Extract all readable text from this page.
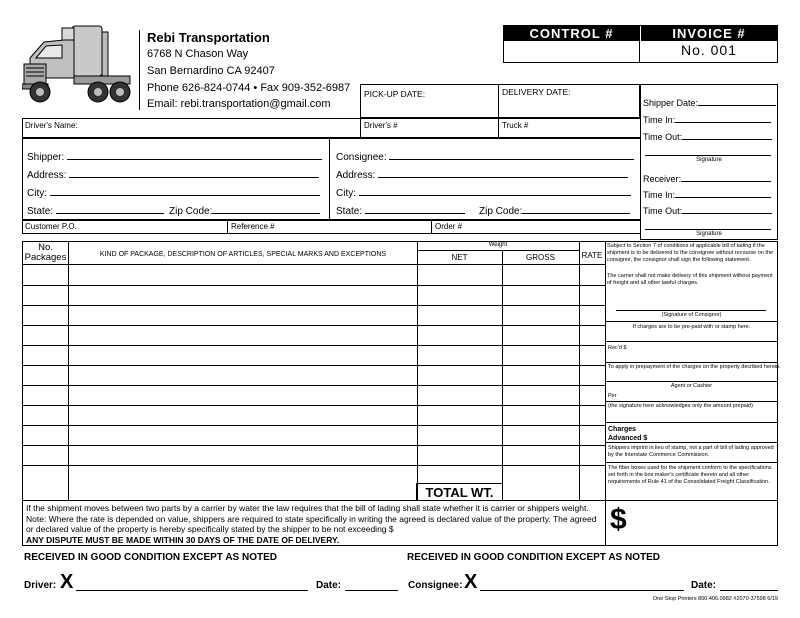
Rebi Transportation
6768 N Chason Way
San Bernardino CA 92407
Phone 626-824-0744 • Fax 909-352-6987
Email: rebi.transportation@gmail.com
CONTROL #	INVOICE #
No. 001
PICK-UP DATE:	DELIVERY DATE:
Shipper Date:
Time In:
Time Out:
Signature
Receiver:
Time In:
Time Out:
Signature
Driver's Name:	Driver's #	Truck #
Shipper:
Address:
City:
State:	Zip Code:
Consignee:
Address:
City:
State:	Zip Code:
Customer P.O.	Reference #	Order #
No.
Packages	KIND OF PACKAGE, DESCRIPTION OF ARTICLES, SPECIAL MARKS AND EXCEPTIONS
Weight
NET	GROSS	RATE
TOTAL WT.
Subject to Section 7 of conditions of applicable bill of lading if the shipment is to be delivered to the consignee without recourse on the consignor, the consignor shall sign the following statement.
The carrier shall not make delivery of this shipment without payment of freight and all other lawful charges.
(Signature of Consignor)
If charges are to be pre-paid with or stamp here.
Rec'd $
To apply in prepayment of the charges on the property decribed herein.
Agent or Cashier
Per
(the signature here acknowledges only the amount prepaid)
Charges
Advanced $
Shippers imprint in lieu of stamp, not a part of bill of lading approved by the Interstate Commerce Commission.
The fiber boxes used for the shipment conform to the specifications set forth in the box maker's certificate therein and all other requirements of Rule 41 of the Consolidated Freight Classification.
If the shipment moves between two parts by a carrier by water the law requires that the bill of lading shall state whether it is carrier or shippers weight. Note: Where the rate is depended on value, shippers are required to state specifically in writing the agreed is declared value of the property. The agreed or declared value of the property is hereby specifically stated by the shipper to be not exceeding $
ANY DISPUTE MUST BE MADE WITHIN 30 DAYS OF THE DATE OF DELIVERY.
$
RECEIVED IN GOOD CONDITION EXCEPT AS NOTED	RECEIVED IN GOOD CONDITION EXCEPT AS NOTED
Driver: X	Date:	Consignee: X	Date:
One Stop Printers 800.406.0982 #2070-37598 6/19
